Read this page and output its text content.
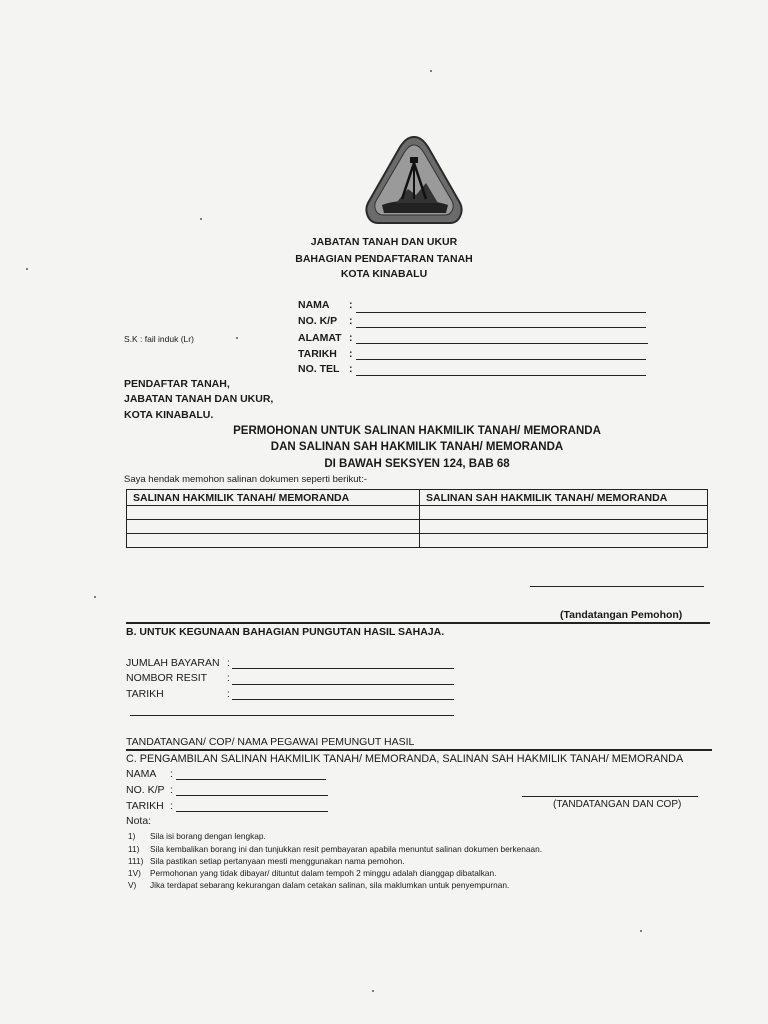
JABATAN TANAH DAN UKUR
BAHAGIAN PENDAFTARAN TANAH
KOTA KINABALU
NAMA :
NO. K/P :
ALAMAT :
TARIKH :
NO. TEL :
S.K : fail induk (Lr)
PENDAFTAR TANAH,
JABATAN TANAH DAN UKUR,
KOTA KINABALU.
PERMOHONAN UNTUK SALINAN HAKMILIK TANAH/ MEMORANDA
DAN SALINAN SAH HAKMILIK TANAH/ MEMORANDA
DI BAWAH SEKSYEN 124, BAB 68
Saya hendak memohon salinan dokumen seperti berikut:-
SALINAN HAKMILIK TANAH/ MEMORANDA	SALINAN SAH HAKMILIK TANAH/ MEMORANDA

(Tandatangan Pemohon)
B. UNTUK KEGUNAAN BAHAGIAN PUNGUTAN HASIL SAHAJA.
JUMLAH BAYARAN :
NOMBOR RESIT :
TARIKH	:
TANDATANGAN/ COP/ NAMA PEGAWAI PEMUNGUT HASIL
C. PENGAMBILAN SALINAN HAKMILIK TANAH/ MEMORANDA, SALINAN SAH HAKMILIK TANAH/ MEMORANDA
NAMA :
NO. K/P :
TARIKH :	(TANDATANGAN DAN COP)
Nota:
1) Sila isi borang dengan lengkap.
11) Sila kembalikan borang ini dan tunjukkan resit pembayaran apabila menuntut salinan dokumen berkenaan.
111) Sila pastikan setiap pertanyaan mesti menggunakan nama pemohon.
1V) Permohonan yang tidak dibayar/ dituntut dalam tempoh 2 minggu adalah dianggap dibatalkan.
V) Jika terdapat sebarang kekurangan dalam cetakan salinan, sila maklumkan untuk penyempurnan.
